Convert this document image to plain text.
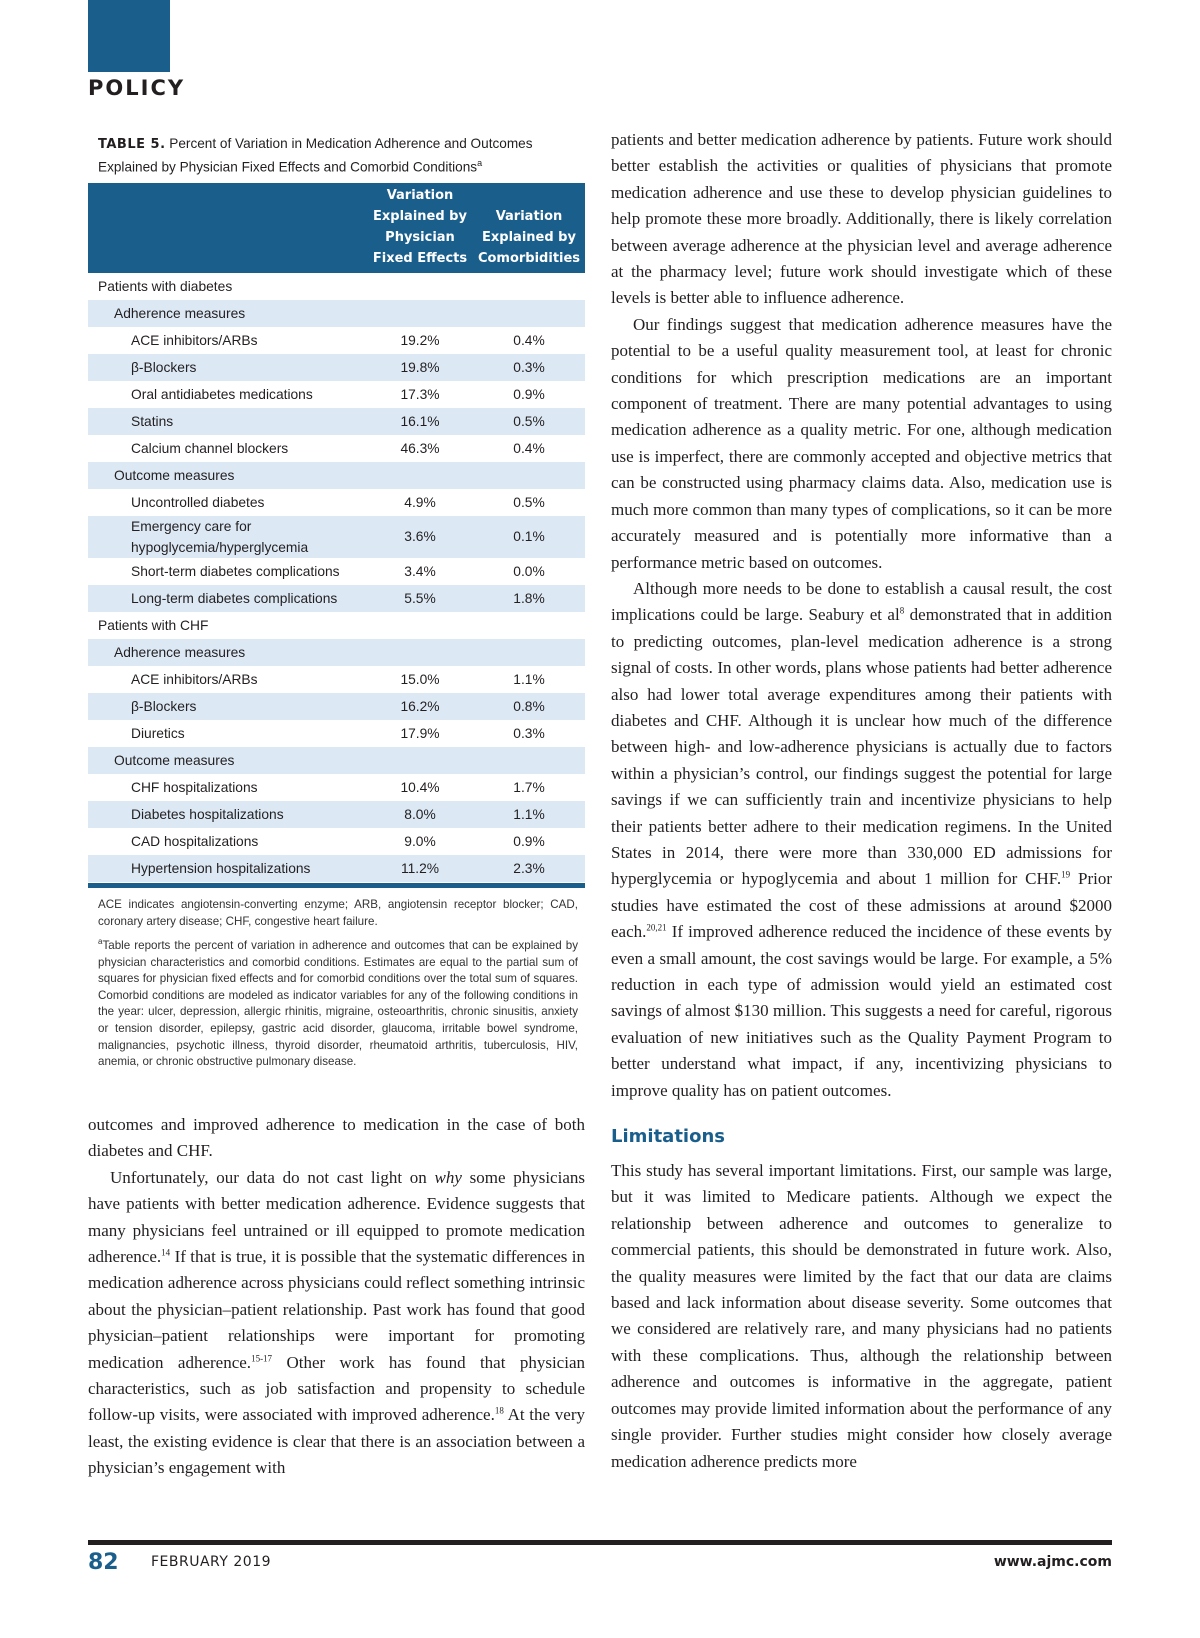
POLICY
TABLE 5. Percent of Variation in Medication Adherence and Outcomes Explained by Physician Fixed Effects and Comorbid Conditions$^a$
	Variation Explained by Physician Fixed Effects	Variation Explained by Comorbidities
Patients with diabetes		
Adherence measures		
ACE inhibitors/ARBs	19.2%	0.4%
β-Blockers	19.8%	0.3%
Oral antidiabetes medications	17.3%	0.9%
Statins	16.1%	0.5%
Calcium channel blockers	46.3%	0.4%
Outcome measures		
Uncontrolled diabetes	4.9%	0.5%
Emergency care for hypoglycemia/hyperglycemia	3.6%	0.1%
Short-term diabetes complications	3.4%	0.0%
Long-term diabetes complications	5.5%	1.8%
Patients with CHF		
Adherence measures		
ACE inhibitors/ARBs	15.0%	1.1%
β-Blockers	16.2%	0.8%
Diuretics	17.9%	0.3%
Outcome measures		
CHF hospitalizations	10.4%	1.7%
Diabetes hospitalizations	8.0%	1.1%
CAD hospitalizations	9.0%	0.9%
Hypertension hospitalizations	11.2%	2.3%

ACE indicates angiotensin-converting enzyme; ARB, angiotensin receptor blocker; CAD, coronary artery disease; CHF, congestive heart failure.

$^a$Table reports the percent of variation in adherence and outcomes that can be explained by physician characteristics and comorbid conditions. Estimates are equal to the partial sum of squares for physician fixed effects and for comorbid conditions over the total sum of squares. Comorbid conditions are modeled as indicator variables for any of the following conditions in the year: ulcer, depression, allergic rhinitis, migraine, osteoarthritis, chronic sinusitis, anxiety or tension disorder, epilepsy, gastric acid disorder, glaucoma, irritable bowel syndrome, malignancies, psychotic illness, thyroid disorder, rheumatoid arthritis, tuberculosis, HIV, anemia, or chronic obstructive pulmonary disease.

outcomes and improved adherence to medication in the case of both diabetes and CHF.

Unfortunately, our data do not cast light on why some physicians have patients with better medication adherence. Evidence suggests that many physicians feel untrained or ill equipped to promote medication adherence.$^{14}$ If that is true, it is possible that the systematic differences in medication adherence across physicians could reflect something intrinsic about the physician–patient relationship. Past work has found that good physician–patient relationships were important for promoting medication adherence.$^{15-17}$ Other work has found that physician characteristics, such as job satisfaction and propensity to schedule follow-up visits, were associated with improved adherence.$^{18}$ At the very least, the existing evidence is clear that there is an association between a physician’s engagement with

patients and better medication adherence by patients. Future work should better establish the activities or qualities of physicians that promote medication adherence and use these to develop physician guidelines to help promote these more broadly. Additionally, there is likely correlation between average adherence at the physician level and average adherence at the pharmacy level; future work should investigate which of these levels is better able to influence adherence.

Our findings suggest that medication adherence measures have the potential to be a useful quality measurement tool, at least for chronic conditions for which prescription medications are an important component of treatment. There are many potential advantages to using medication adherence as a quality metric. For one, although medication use is imperfect, there are commonly accepted and objective metrics that can be constructed using pharmacy claims data. Also, medication use is much more common than many types of complications, so it can be more accurately measured and is potentially more informative than a performance metric based on outcomes.

Although more needs to be done to establish a causal result, the cost implications could be large. Seabury et $al^8$ demonstrated that in addition to predicting outcomes, plan-level medication adherence is a strong signal of costs. In other words, plans whose patients had better adherence also had lower total average expenditures among their patients with diabetes and CHF. Although it is unclear how much of the difference between high- and low-adherence physicians is actually due to factors within a physician’s control, our findings suggest the potential for large savings if we can sufficiently train and incentivize physicians to help their patients better adhere to their medication regimens. In the United States in 2014, there were more than 330,000 ED admissions for hyperglycemia or hypoglycemia and about 1 million for CHF.$^{19}$ Prior studies have estimated the cost of these admissions at around $2000 each.$^{20,21}$ If improved adherence reduced the incidence of these events by even a small amount, the cost savings would be large. For example, a 5% reduction in each type of admission would yield an estimated cost savings of almost $130 million. This suggests a need for careful, rigorous evaluation of new initiatives such as the Quality Payment Program to better understand what impact, if any, incentivizing physicians to improve quality has on patient outcomes.

Limitations

This study has several important limitations. First, our sample was large, but it was limited to Medicare patients. Although we expect the relationship between adherence and outcomes to generalize to commercial patients, this should be demonstrated in future work. Also, the quality measures were limited by the fact that our data are claims based and lack information about disease severity. Some outcomes that we considered are relatively rare, and many physicians had no patients with these complications. Thus, although the relationship between adherence and outcomes is informative in the aggregate, patient outcomes may provide limited information about the performance of any single provider. Further studies might consider how closely average medication adherence predicts more

82 FEBRUARY 2019	www.ajmc.com
